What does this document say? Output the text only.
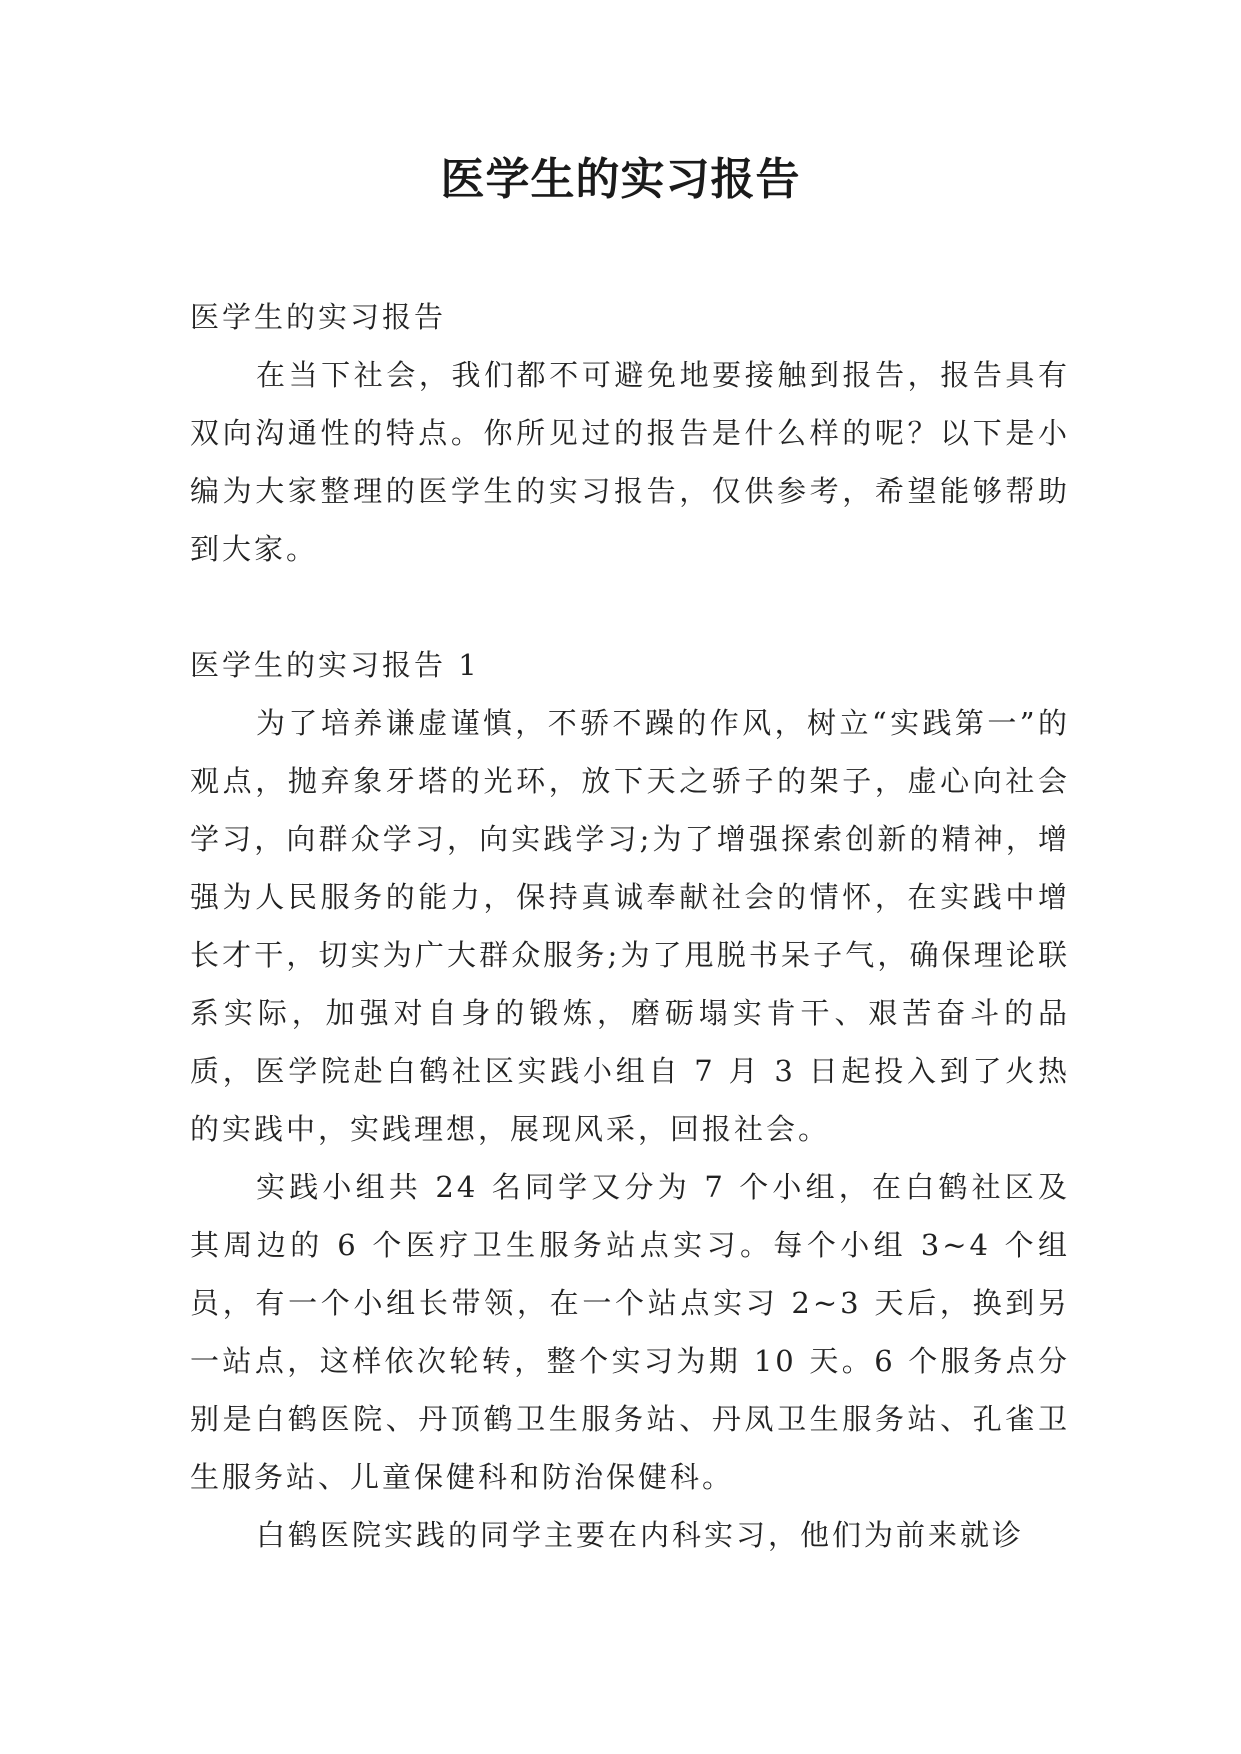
医学生的实习报告

医学生的实习报告

在当下社会，我们都不可避免地要接触到报告，报告具有双向沟通性的特点。你所见过的报告是什么样的呢？以下是小编为大家整理的医学生的实习报告，仅供参考，希望能够帮助到大家。

医学生的实习报告 1

为了培养谦虚谨慎，不骄不躁的作风，树立“实践第一”的观点，抛弃象牙塔的光环，放下天之骄子的架子，虚心向社会学习，向群众学习，向实践学习;为了增强探索创新的精神，增强为人民服务的能力，保持真诚奉献社会的情怀，在实践中增长才干，切实为广大群众服务;为了甩脱书呆子气，确保理论联系实际，加强对自身的锻炼，磨砺塌实肯干、艰苦奋斗的品质，医学院赴白鹤社区实践小组自 7 月 3 日起投入到了火热的实践中，实践理想，展现风采，回报社会。

实践小组共 24 名同学又分为 7 个小组，在白鹤社区及其周边的 6 个医疗卫生服务站点实习。每个小组 3~4 个组员，有一个小组长带领，在一个站点实习 2~3 天后，换到另一站点，这样依次轮转，整个实习为期 10 天。6 个服务点分别是白鹤医院、丹顶鹤卫生服务站、丹凤卫生服务站、孔雀卫生服务站、儿童保健科和防治保健科。

白鹤医院实践的同学主要在内科实习，他们为前来就诊
